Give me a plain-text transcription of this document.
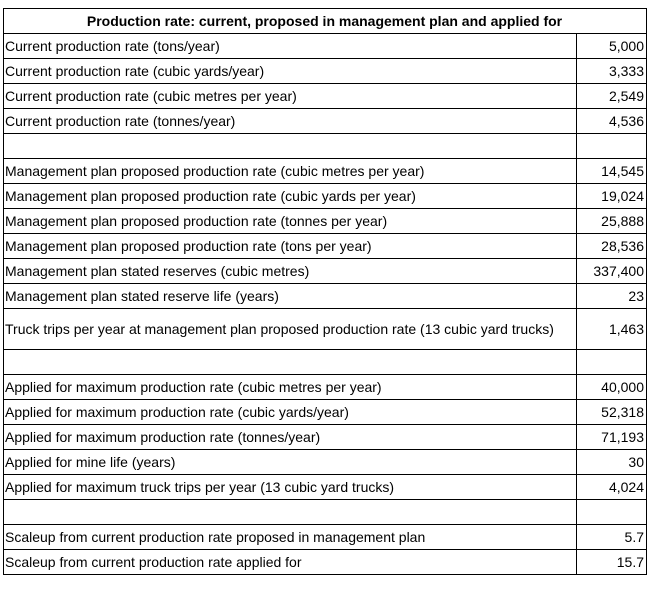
Production rate: current, proposed in management plan and applied for	
Current production rate (tons/year)	5,000
Current production rate (cubic yards/year)	3,333
Current production rate (cubic metres per year)	2,549
Current production rate (tonnes/year)	4,536

Management plan proposed production rate (cubic metres per year)	14,545
Management plan proposed production rate (cubic yards per year)	19,024
Management plan proposed production rate (tonnes per year)	25,888
Management plan proposed production rate (tons per year)	28,536
Management plan stated reserves (cubic metres)	337,400
Management plan stated reserve life (years)	23
Truck trips per year at management plan proposed production rate (13 cubic yard trucks)	1,463

Applied for maximum production rate (cubic metres per year)	40,000
Applied for maximum production rate (cubic yards/year)	52,318
Applied for maximum production rate (tonnes/year)	71,193
Applied for mine life (years)	30
Applied for maximum truck trips per year (13 cubic yard trucks)	4,024

Scaleup from current production rate proposed in management plan	5.7
Scaleup from current production rate applied for	15.7
